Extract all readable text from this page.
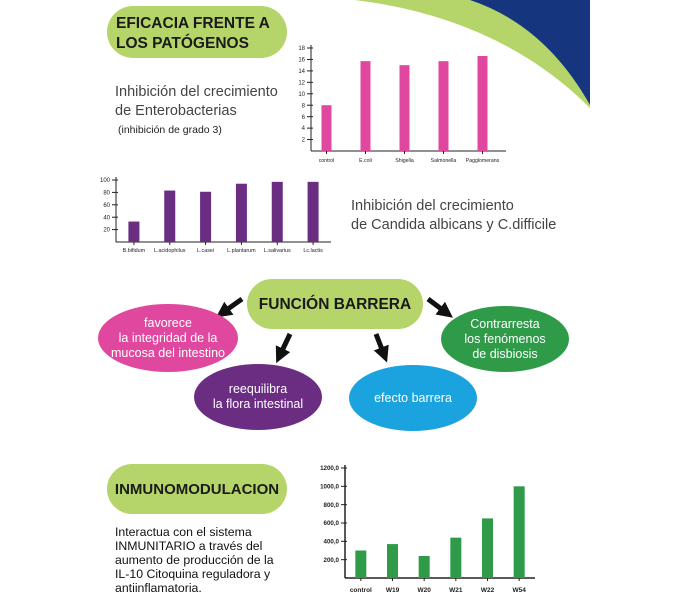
EFICACIA FRENTE A
LOS PATÓGENOS
Inhibición del crecimiento
de Enterobacterias
(inhibición de grado 3)
Inhibición del crecimiento
de Candida albicans y C.difficile
2
4
6
8
10
12
14
16
18
control	E.coli	Shigella	Salmonella Pagglomerans
20
40
60
80
100
B.bifidum L.acidophilus L.casei L.plantarum L.salivarius Lc.lactis
FUNCIÓN BARRERA
favorece
la integridad de la
mucosa del intestino
reequilibra
la flora intestinal	efecto barrera
Contrarresta
los fenómenos
de disbiosis
INMUNOMODULACION
Interactua con el sistema
INMUNITARIO a través del
aumento de producción de la
IL-10 Citoquina reguladora y
antiinflamatoria.
200,0
400,0
600,0
800,0
1000,0
1200,0
control W19	W20	W21	W22	W54
